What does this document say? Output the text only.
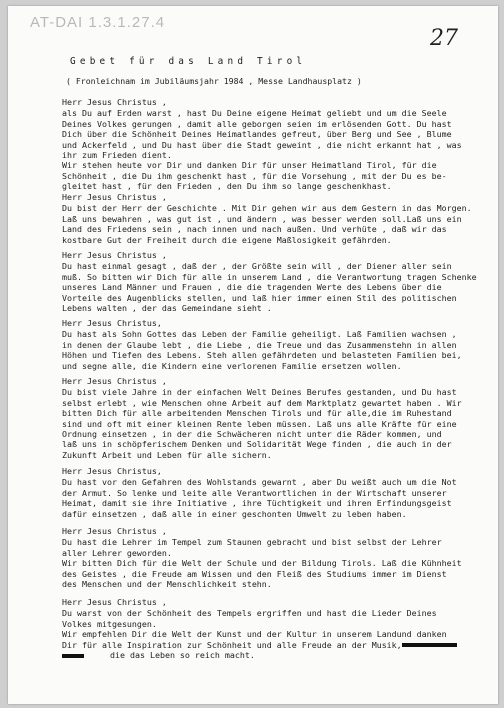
AT-DAI 1.3.1.27.4
27
Gebet für das Land Tirol
( Fronleichnam im Jubiläumsjahr 1984 , Messe Landhausplatz )

Herr Jesus Christus ,

als Du auf Erden warst , hast Du Deine eigene Heimat geliebt und um die Seele

Deines Volkes gerungen , damit alle geborgen seien im erlösenden Gott. Du hast

Dich über die Schönheit Deines Heimatlandes gefreut, über Berg und See , Blume

und Ackerfeld , und Du hast über die Stadt geweint , die nicht erkannt hat , was

ihr zum Frieden dient.

Wir stehen heute vor Dir und danken Dir für unser Heimatland Tirol, für die

Schönheit , die Du ihm geschenkt hast , für die Vorsehung , mit der Du es be-

gleitet hast , für den Frieden , den Du ihm so lange geschenkhast.

Herr Jesus Christus ,

Du bist der Herr der Geschichte . Mit Dir gehen wir aus dem Gestern in das Morgen.

Laß uns bewahren , was gut ist , und ändern , was besser werden soll.Laß uns ein

Land des Friedens sein , nach innen und nach außen. Und verhüte , daß wir das

kostbare Gut der Freiheit durch die eigene Maßlosigkeit gefährden.

Herr Jesus Christus ,

Du hast einmal gesagt , daß der , der Größte sein will , der Diener aller sein

muß. So bitten wir Dich für alle in unserem Land , die Verantwortung tragen Schenke

unseres Land Männer und Frauen , die die tragenden Werte des Lebens über die

Vorteile des Augenblicks stellen, und laß hier immer einen Stil des politischen

Lebens walten , der das Gemeindane sieht .

Herr Jesus Christus,

Du hast als Sohn Gottes das Leben der Familie geheiligt. Laß Familien wachsen ,

in denen der Glaube lebt , die Liebe , die Treue und das Zusammenstehn in allen

Höhen und Tiefen des Lebens. Steh allen gefährdeten und belasteten Familien bei,

und segne alle, die Kindern eine verlorenen Familie ersetzen wollen.

Herr Jesus Christus ,

Du bist viele Jahre in der einfachen Welt Deines Berufes gestanden, und Du hast

selbst erlebt , wie Menschen ohne Arbeit auf dem Marktplatz gewartet haben . Wir

bitten Dich für alle arbeitenden Menschen Tirols und für alle,die im Ruhestand

sind und oft mit einer kleinen Rente leben müssen. Laß uns alle Kräfte für eine

Ordnung einsetzen , in der die Schwächeren nicht unter die Räder kommen, und

laß uns in schöpferischem Denken und Solidarität Wege finden , die auch in der

Zukunft Arbeit und Leben für alle sichern.

Herr Jesus Christus,

Du hast vor den Gefahren des Wohlstands gewarnt , aber Du weißt auch um die Not

der Armut. So lenke und leite alle Verantwortlichen in der Wirtschaft unserer

Heimat, damit sie ihre Initiative , ihre Tüchtigkeit und ihren Erfindungsgeist

dafür einsetzen , daß alle in einer geschonten Umwelt zu leben haben.

Herr Jesus Christus ,

Du hast die Lehrer im Tempel zum Staunen gebracht und bist selbst der Lehrer

aller Lehrer geworden.

Wir bitten Dich für die Welt der Schule und der Bildung Tirols. Laß die Kühnheit

des Geistes , die Freude am Wissen und den Fleiß des Studiums immer im Dienst

des Menschen und der Menschlichkeit stehn.

Herr Jesus Christus ,

Du warst von der Schönheit des Tempels ergriffen und hast die Lieder Deines

Volkes mitgesungen.

Wir empfehlen Dir die Welt der Kunst und der Kultur in unserem Landund danken

Dir für alle Inspiration zur Schönheit und alle Freude an der Musik,

die das Leben so reich macht.
